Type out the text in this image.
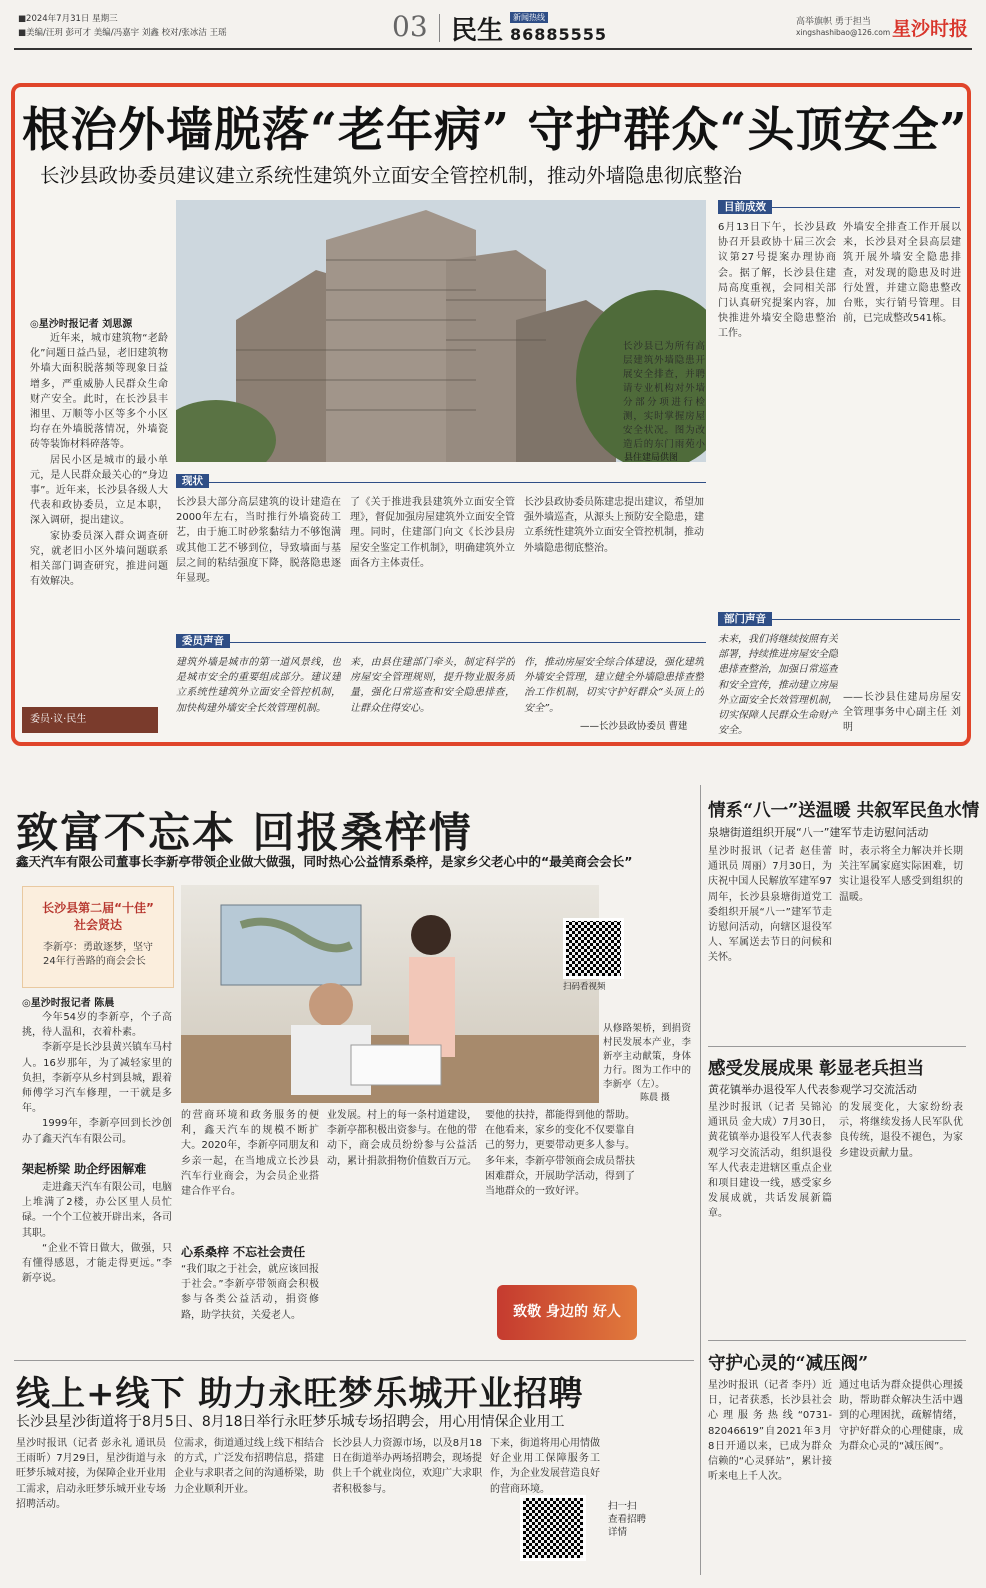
■2024年7月31日 星期三
■美编/汪玥 彭可才 美编/冯嘉宇 刘鑫 校对/张冰洁 王瑶	03 民生	新闻热线
86885555
高举旗帜 勇于担当
xingshashibao@126.com 星沙时报
根治外墙脱落“老年病” 守护群众“头顶安全”
长沙县政协委员建议建立系统性建筑外立面安全管控机制，推动外墙隐患彻底整治
◎星沙时报记者 刘思源

近年来，城市建筑物“老龄化”问题日益凸显，老旧建筑物外墙大面积脱落频等现象日益增多，严重威胁人民群众生命财产安全。此时，在长沙县丰湘里、万顺等小区等多个小区均存在外墙脱落情况，外墙瓷砖等装饰材料碎落等。

居民小区是城市的最小单元，是人民群众最关心的“身边事”。近年来，长沙县各级人大代表和政协委员，立足本职，深入调研，提出建议。

家协委员深入群众调查研究，就老旧小区外墙问题联系相关部门调查研究，推进问题有效解决。

委员·议·民生
长沙县已为所有高层建筑外墙隐患开展安全排查，并聘请专业机构对外墙分部分项进行检测，实时掌握房屋安全状况。图为改造后的东门雨苑小
县住建局供图
现状
长沙县大部分高层建筑的设计建造在2000年左右，当时推行外墙瓷砖工艺，由于施工时砂浆黏结力不够饱满或其他工艺不够到位，导致墙面与基层之间的粘结强度下降，脱落隐患逐年显现。
了《关于推进我县建筑外立面安全管理》，督促加强房屋建筑外立面安全管理。同时，住建部门向文《长沙县房屋安全鉴定工作机制》，明确建筑外立面各方主体责任。
长沙县政协委员陈建忠提出建议，希望加强外墙巡查，从源头上预防安全隐患，建立系统性建筑外立面安全管控机制，推动外墙隐患彻底整治。
委员声音
建筑外墙是城市的第一道风景线，也是城市安全的重要组成部分。建议建立系统性建筑外立面安全管控机制，加快构建外墙安全长效管理机制。
来，由县住建部门牵头，制定科学的房屋安全管理规则，提升物业服务质量，强化日常巡查和安全隐患排查，让群众住得安心。
作，推动房屋安全综合体建设，强化建筑外墙安全管理，建立健全外墙隐患排查整治工作机制，切实守护好群众“头顶上的安全”。
——长沙县政协委员 曹建
目前成效
6月13日下午，长沙县政协召开县政协十届三次会议第27号提案办理协商会。据了解，长沙县住建局高度重视，会同相关部门认真研究提案内容，加快推进外墙安全隐患整治工作。
外墙安全排查工作开展以来，长沙县对全县高层建筑开展外墙安全隐患排查，对发现的隐患及时进行处置，并建立隐患整改台账，实行销号管理。目前，已完成整改541栋。
部门声音
未来，我们将继续按照有关部署，持续推进房屋安全隐患排查整治，加强日常巡查和安全宣传，推动建立房屋外立面安全长效管理机制，切实保障人民群众生命财产安全。
——长沙县住建局房屋安全管理事务中心副主任 刘明
致富不忘本 回报桑梓情
鑫天汽车有限公司董事长李新亭带领企业做大做强，同时热心公益情系桑梓，是家乡父老心中的“最美商会会长”
长沙县第二届“十佳”
社会贤达
李新亭：勇敢逐梦，坚守24年行善路的商会会长
◎星沙时报记者 陈晨

今年54岁的李新亭，个子高挑，待人温和，衣着朴素。

李新亭是长沙县黄兴镇车马村人。16岁那年，为了减轻家里的负担，李新亭从乡村到县城，跟着师傅学习汽车修理，一干就是多年。

1999年，李新亭回到长沙创办了鑫天汽车有限公司。

架起桥梁 助企纾困解难

走进鑫天汽车有限公司，电脑上堆满了2楼，办公区里人员忙碌。一个个工位被开辟出来，各司其职。

“企业不管日做大，做强，只有懂得感恩，才能走得更远。”李新亭说。

扫码看视频
从修路架桥，到捐资村民发展本产业，李新亭主动献策，身体力行。图为工作中的李新亭（左）。
陈晨 摄
的营商环境和政务服务的便利，鑫天汽车的规模不断扩大。2020年，李新亭同朋友和乡亲一起，在当地成立长沙县汽车行业商会，为会员企业搭建合作平台。
心系桑梓 不忘社会责任
“我们取之于社会，就应该回报于社会。”李新亭带领商会积极参与各类公益活动，捐资修路，助学扶贫，关爱老人。
业发展。村上的每一条村道建设，李新亭都积极出资参与。在他的带动下，商会成员纷纷参与公益活动，累计捐款捐物价值数百万元。
要他的扶持，都能得到他的帮助。在他看来，家乡的变化不仅要靠自己的努力，更要带动更多人参与。多年来，李新亭带领商会成员帮扶困难群众，开展助学活动，得到了当地群众的一致好评。
致敬 身边的 好人
情系“八一”送温暖 共叙军民鱼水情
泉塘街道组织开展“八一”建军节走访慰问活动
星沙时报讯（记者 赵佳蕾 通讯员 周丽）7月30日，为庆祝中国人民解放军建军97周年，长沙县泉塘街道党工委组织开展“八一”建军节走访慰问活动，向辖区退役军人、军属送去节日的问候和关怀。
时，表示将全力解决并长期关注军属家庭实际困难，切实让退役军人感受到组织的温暖。
感受发展成果 彰显老兵担当
黄花镇举办退役军人代表参观学习交流活动
星沙时报讯（记者 吴锦沁 通讯员 金大成）7月30日，黄花镇举办退役军人代表参观学习交流活动，组织退役军人代表走进辖区重点企业和项目建设一线，感受家乡发展成就，共话发展新篇章。
的发展变化，大家纷纷表示，将继续发扬人民军队优良传统，退役不褪色，为家乡建设贡献力量。
守护心灵的“减压阀”
星沙时报讯（记者 李丹）近日，记者获悉，长沙县社会心理服务热线“0731-82046619”自2021年3月8日开通以来，已成为群众信赖的“心灵驿站”，累计接听来电上千人次。
通过电话为群众提供心理援助，帮助群众解决生活中遇到的心理困扰，疏解情绪，守护好群众的心理健康，成为群众心灵的“减压阀”。
线上+线下 助力永旺梦乐城开业招聘
长沙县星沙街道将于8月5日、8月18日举行永旺梦乐城专场招聘会，用心用情保企业用工
星沙时报讯（记者 彭永礼 通讯员 王雨昕）7月29日，星沙街道与永旺梦乐城对接，为保障企业开业用工需求，启动永旺梦乐城开业专场招聘活动。
位需求，街道通过线上线下相结合的方式，广泛发布招聘信息，搭建企业与求职者之间的沟通桥梁，助力企业顺利开业。
长沙县人力资源市场，以及8月18日在街道举办两场招聘会，现场提供上千个就业岗位，欢迎广大求职者积极参与。
下来，街道将用心用情做好企业用工保障服务工作，为企业发展营造良好的营商环境。
扫一扫 查看招聘详情
